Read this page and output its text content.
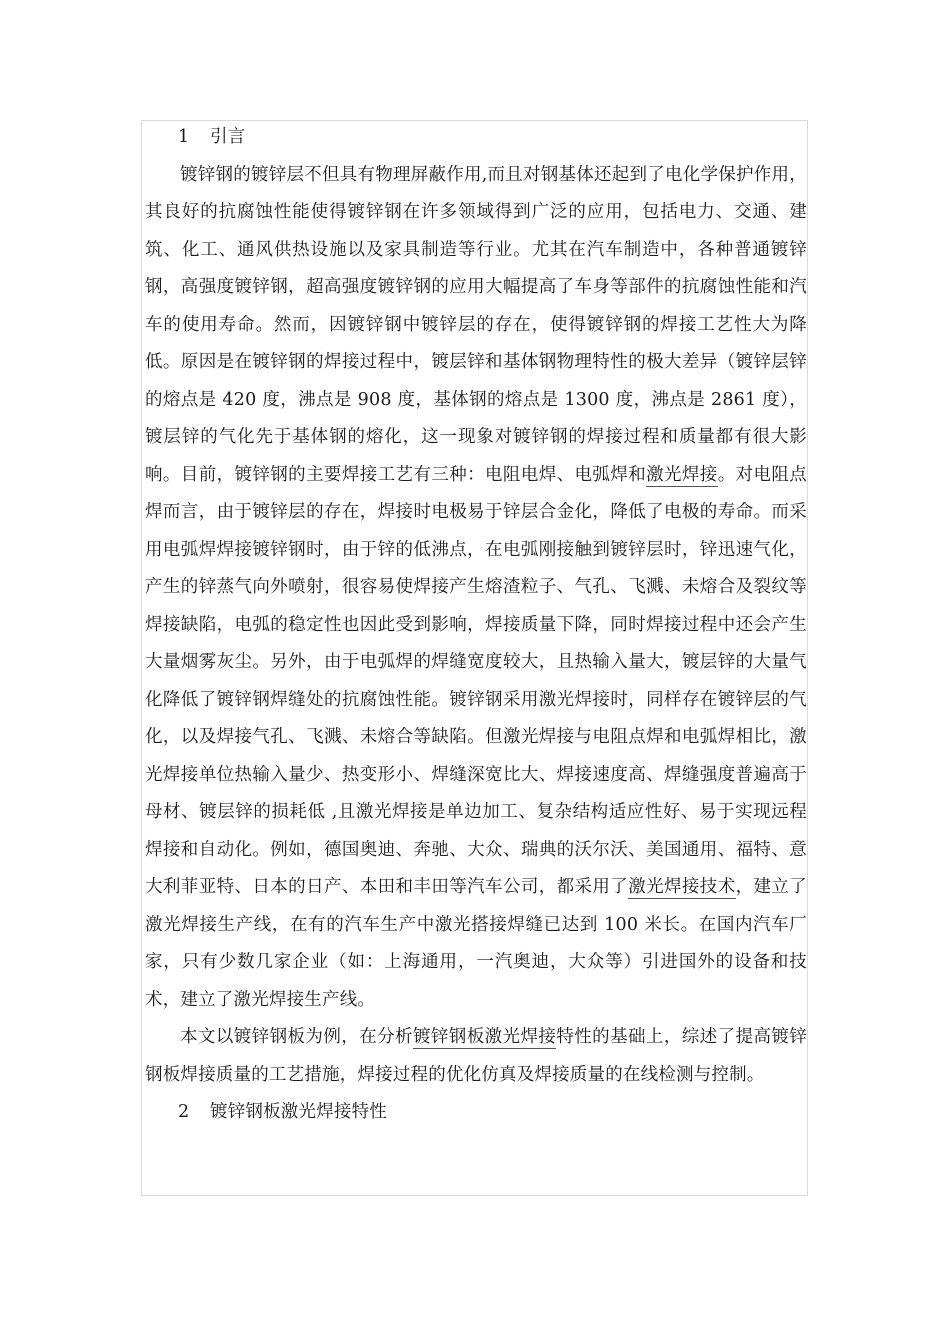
1 引言

镀锌钢的镀锌层不但具有物理屏蔽作用,而且对钢基体还起到了电化学保护作用，其良好的抗腐蚀性能使得镀锌钢在许多领域得到广泛的应用，包括电力、交通、建筑、化工、通风供热设施以及家具制造等行业。尤其在汽车制造中，各种普通镀锌钢，高强度镀锌钢，超高强度镀锌钢的应用大幅提高了车身等部件的抗腐蚀性能和汽车的使用寿命。然而，因镀锌钢中镀锌层的存在，使得镀锌钢的焊接工艺性大为降低。原因是在镀锌钢的焊接过程中，镀层锌和基体钢物理特性的极大差异（镀锌层锌的熔点是 420 度，沸点是 908 度，基体钢的熔点是 1300 度，沸点是 2861 度），镀层锌的气化先于基体钢的熔化，这一现象对镀锌钢的焊接过程和质量都有很大影响。目前，镀锌钢的主要焊接工艺有三种：电阻电焊、电弧焊和激光焊接。对电阻点焊而言，由于镀锌层的存在，焊接时电极易于锌层合金化，降低了电极的寿命。而采用电弧焊焊接镀锌钢时，由于锌的低沸点，在电弧刚接触到镀锌层时，锌迅速气化，产生的锌蒸气向外喷射，很容易使焊接产生熔渣粒子、气孔、飞溅、未熔合及裂纹等焊接缺陷，电弧的稳定性也因此受到影响，焊接质量下降，同时焊接过程中还会产生大量烟雾灰尘。另外，由于电弧焊的焊缝宽度较大，且热输入量大，镀层锌的大量气化降低了镀锌钢焊缝处的抗腐蚀性能。镀锌钢采用激光焊接时，同样存在镀锌层的气化，以及焊接气孔、飞溅、未熔合等缺陷。但激光焊接与电阻点焊和电弧焊相比，激光焊接单位热输入量少、热变形小、焊缝深宽比大、焊接速度高、焊缝强度普遍高于母材、镀层锌的损耗低 ,且激光焊接是单边加工、复杂结构适应性好、易于实现远程焊接和自动化。例如，德国奥迪、奔驰、大众、瑞典的沃尔沃、美国通用、福特、意大利菲亚特、日本的日产、本田和丰田等汽车公司，都采用了激光焊接技术，建立了激光焊接生产线，在有的汽车生产中激光搭接焊缝已达到 100 米长。在国内汽车厂家，只有少数几家企业（如：上海通用，一汽奥迪，大众等）引进国外的设备和技术，建立了激光焊接生产线。

本文以镀锌钢板为例，在分析镀锌钢板激光焊接特性的基础上，综述了提高镀锌钢板焊接质量的工艺措施，焊接过程的优化仿真及焊接质量的在线检测与控制。

2 镀锌钢板激光焊接特性
